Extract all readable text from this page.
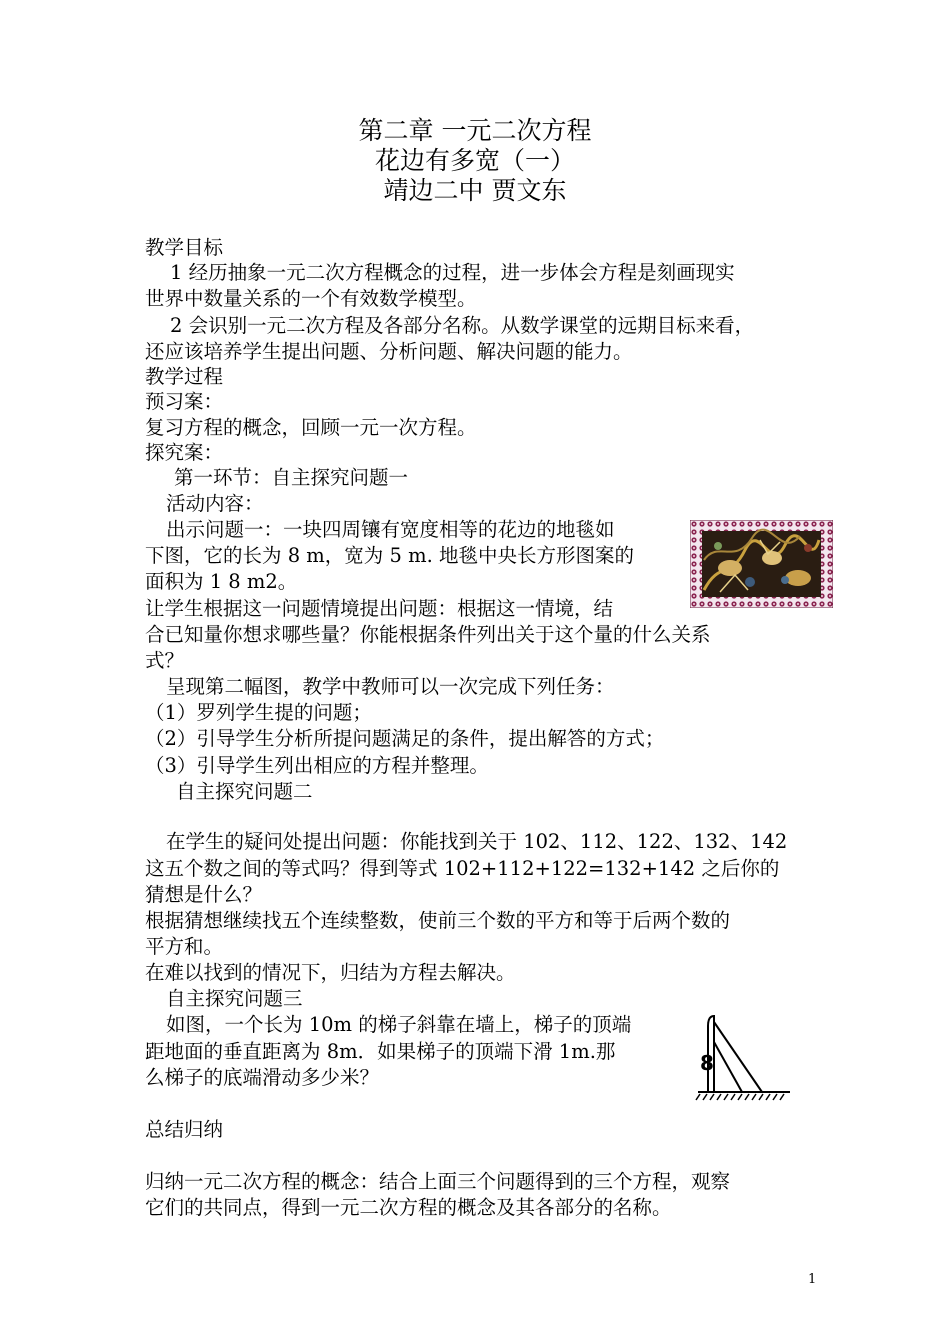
第二章 一元二次方程
花边有多宽（一）
靖边二中 贾文东
教学目标
1 经历抽象一元二次方程概念的过程，进一步体会方程是刻画现实
世界中数量关系的一个有效数学模型。
2 会识别一元二次方程及各部分名称。从数学课堂的远期目标来看，
还应该培养学生提出问题、分析问题、解决问题的能力。
教学过程
预习案：
复习方程的概念，回顾一元一次方程。
探究案：
第一环节：自主探究问题一
活动内容：
出示问题一：一块四周镶有宽度相等的花边的地毯如
下图，它的长为 8 m，宽为 5 m. 地毯中央长方形图案的
面积为 1 8 m2。
让学生根据这一问题情境提出问题：根据这一情境，结
合已知量你想求哪些量？你能根据条件列出关于这个量的什么关系
式？
呈现第二幅图，教学中教师可以一次完成下列任务：
（1）罗列学生提的问题；
（2）引导学生分析所提问题满足的条件，提出解答的方式；
（3）引导学生列出相应的方程并整理。
自主探究问题二
在学生的疑问处提出问题：你能找到关于 102、112、122、132、142
这五个数之间的等式吗？得到等式 102+112+122=132+142 之后你的
猜想是什么？
根据猜想继续找五个连续整数，使前三个数的平方和等于后两个数的
平方和。
在难以找到的情况下，归结为方程去解决。
自主探究问题三
如图，一个长为 10m 的梯子斜靠在墙上，梯子的顶端
距地面的垂直距离为 8m．如果梯子的顶端下滑 1m.那
么梯子的底端滑动多少米？
总结归纳
归纳一元二次方程的概念：结合上面三个问题得到的三个方程，观察
它们的共同点，得到一元二次方程的概念及其各部分的名称。
8
1
